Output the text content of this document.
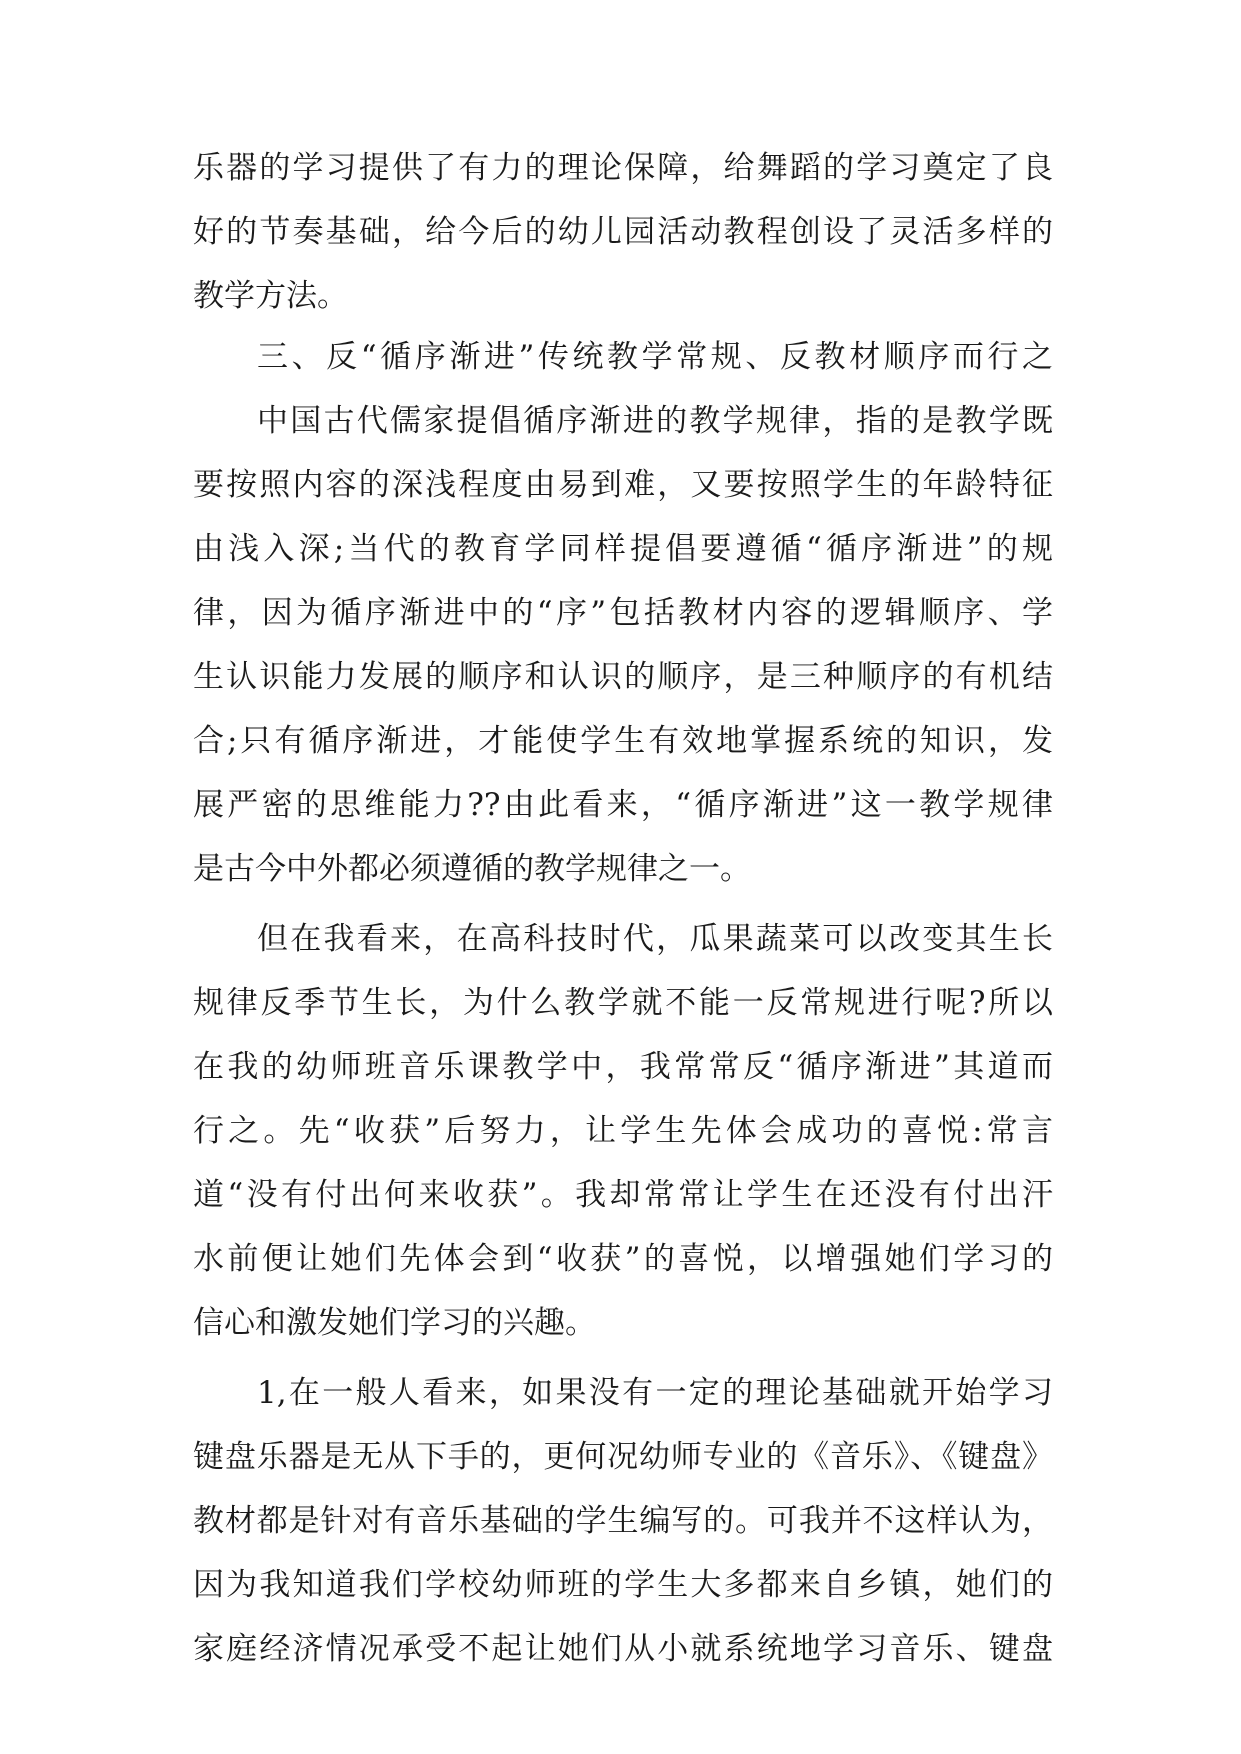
乐器的学习提供了有力的理论保障，给舞蹈的学习奠定了良
好的节奏基础，给今后的幼儿园活动教程创设了灵活多样的
教学方法。
三、反“循序渐进”传统教学常规、反教材顺序而行之
中国古代儒家提倡循序渐进的教学规律，指的是教学既
要按照内容的深浅程度由易到难，又要按照学生的年龄特征
由浅入深;当代的教育学同样提倡要遵循“循序渐进”的规
律，因为循序渐进中的“序”包括教材内容的逻辑顺序、学
生认识能力发展的顺序和认识的顺序，是三种顺序的有机结
合;只有循序渐进，才能使学生有效地掌握系统的知识，发
展严密的思维能力??由此看来，“循序渐进”这一教学规律
是古今中外都必须遵循的教学规律之一。
但在我看来，在高科技时代，瓜果蔬菜可以改变其生长
规律反季节生长，为什么教学就不能一反常规进行呢?所以
在我的幼师班音乐课教学中，我常常反“循序渐进”其道而
行之。先“收获”后努力，让学生先体会成功的喜悦:常言
道“没有付出何来收获”。我却常常让学生在还没有付出汗
水前便让她们先体会到“收获”的喜悦，以增强她们学习的
信心和激发她们学习的兴趣。
1,在一般人看来，如果没有一定的理论基础就开始学习
键盘乐器是无从下手的，更何况幼师专业的《音乐》、《键盘》
教材都是针对有音乐基础的学生编写的。可我并不这样认为，
因为我知道我们学校幼师班的学生大多都来自乡镇，她们的
家庭经济情况承受不起让她们从小就系统地学习音乐、键盘
